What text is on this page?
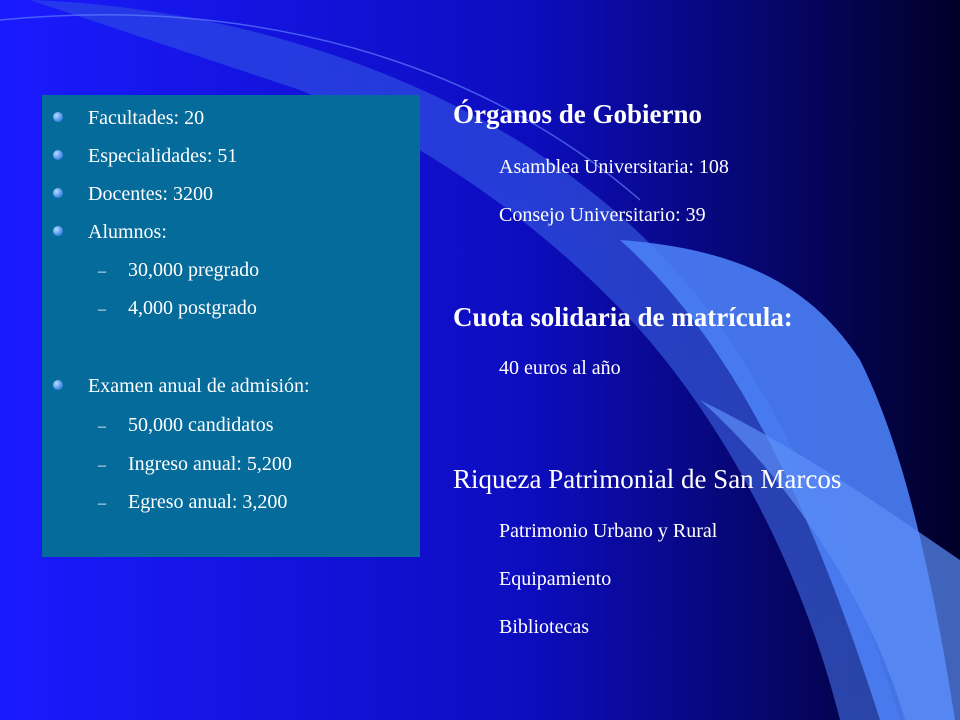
Facultades: 20
Especialidades: 51
Docentes: 3200
Alumnos:
– 30,000 pregrado
– 4,000 postgrado
Examen anual de admisión:
– 50,000 candidatos
– Ingreso anual: 5,200
– Egreso anual: 3,200
Órganos de Gobierno
Asamblea Universitaria: 108
Consejo Universitario: 39
Cuota solidaria de matrícula:
40 euros al año
Riqueza Patrimonial de San Marcos
Patrimonio Urbano y Rural
Equipamiento
Bibliotecas
